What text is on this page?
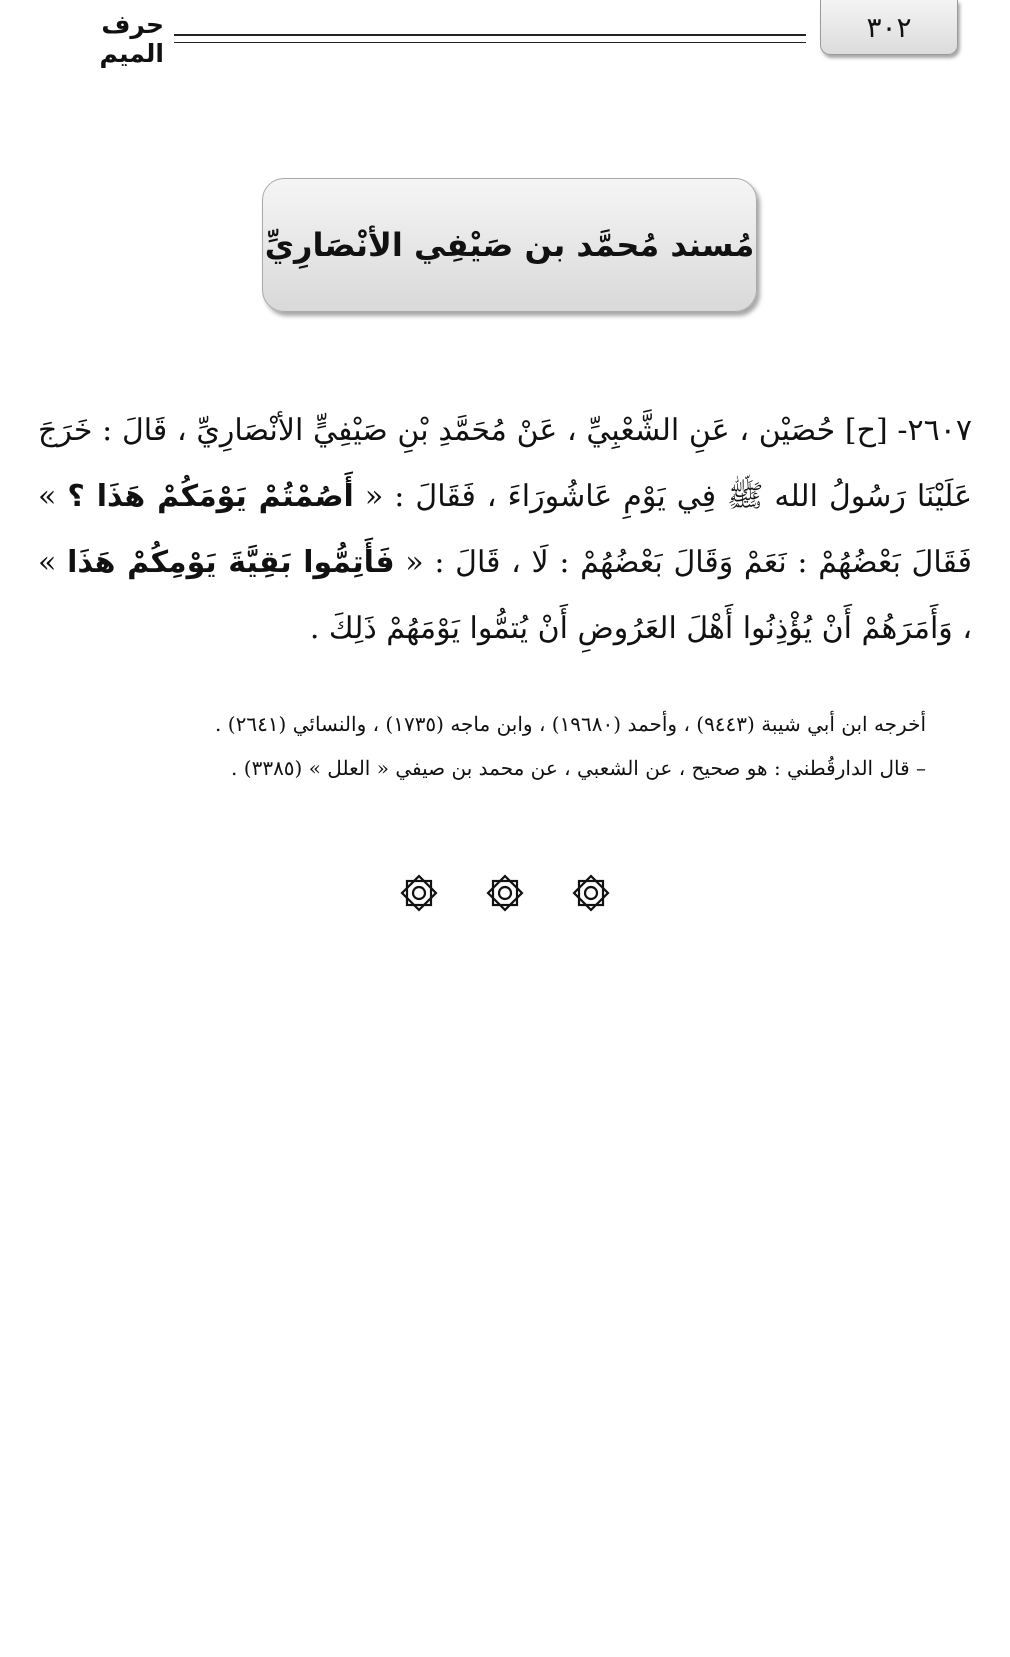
٣٠٢
حرف الميم
مُسند مُحمَّد بن صَيْفِي الأنْصَارِيِّ
٢٦٠٧- [ح] حُصَيْن ، عَنِ الشَّعْبِيِّ ، عَنْ مُحَمَّدِ بْنِ صَيْفِيٍّ الأنْصَارِيِّ ، قَالَ : خَرَجَ عَلَيْنَا رَسُولُ الله ﷺ فِي يَوْمِ عَاشُورَاءَ ، فَقَالَ : « أَصُمْتُمْ يَوْمَكُمْ هَذَا ؟ » فَقَالَ بَعْضُهُمْ : نَعَمْ وَقَالَ بَعْضُهُمْ : لَا ، قَالَ : « فَأَتِمُّوا بَقِيَّةَ يَوْمِكُمْ هَذَا » ، وَأَمَرَهُمْ أَنْ يُؤْذِنُوا أَهْلَ العَرُوضِ أَنْ يُتمُّوا يَوْمَهُمْ ذَلِكَ .

أخرجه ابن أبي شيبة (٩٤٤٣) ، وأحمد (١٩٦٨٠) ، وابن ماجه (١٧٣٥) ، والنسائي (٢٦٤١) .

– قال الدارقُطني : هو صحيح ، عن الشعبي ، عن محمد بن صيفي « العلل » (٣٣٨٥) .
